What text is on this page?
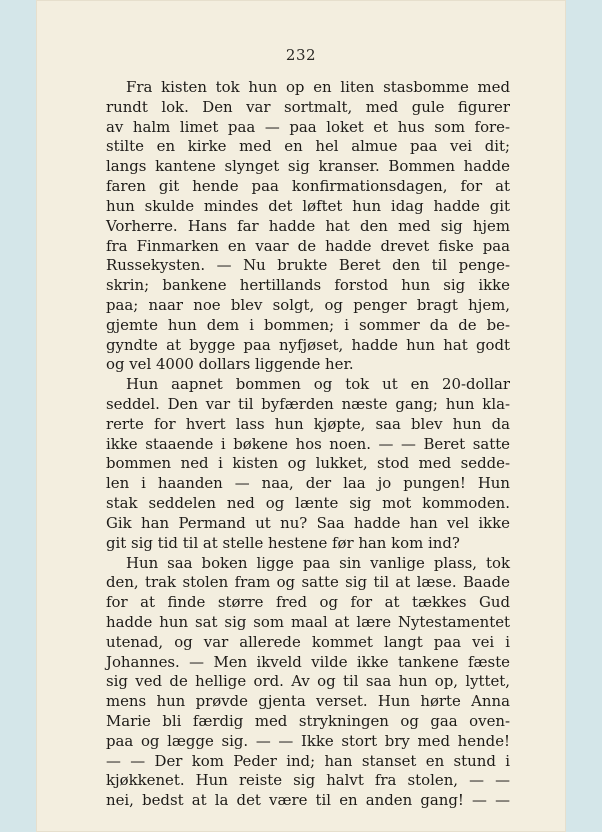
232
Fra kisten tok hun op en liten stasbomme med
rundt lok. Den var sortmalt, med gule figurer
av halm limet paa — paa loket et hus som fore-
stilte en kirke med en hel almue paa vei dit;
langs kantene slynget sig kranser. Bommen hadde
faren git hende paa konfirmationsdagen, for at
hun skulde mindes det løftet hun idag hadde git
Vorherre. Hans far hadde hat den med sig hjem
fra Finmarken en vaar de hadde drevet fiske paa
Russekysten. — Nu brukte Beret den til penge-
skrin; bankene hertillands forstod hun sig ikke
paa; naar noe blev solgt, og penger bragt hjem,
gjemte hun dem i bommen; i sommer da de be-
gyndte at bygge paa nyfjøset, hadde hun hat godt
og vel 4000 dollars liggende her.
Hun aapnet bommen og tok ut en 20-dollar
seddel. Den var til byfærden næste gang; hun kla-
rerte for hvert lass hun kjøpte, saa blev hun da
ikke staaende i bøkene hos noen. — — Beret satte
bommen ned i kisten og lukket, stod med sedde-
len i haanden — naa, der laa jo pungen! Hun
stak seddelen ned og lænte sig mot kommoden.
Gik han Permand ut nu? Saa hadde han vel ikke
git sig tid til at stelle hestene før han kom ind?
Hun saa boken ligge paa sin vanlige plass, tok
den, trak stolen fram og satte sig til at læse. Baade
for at finde større fred og for at tækkes Gud
hadde hun sat sig som maal at lære Nytestamentet
utenad, og var allerede kommet langt paa vei i
Johannes. — Men ikveld vilde ikke tankene fæste
sig ved de hellige ord. Av og til saa hun op, lyttet,
mens hun prøvde gjenta verset. Hun hørte Anna
Marie bli færdig med strykningen og gaa oven-
paa og lægge sig. — — Ikke stort bry med hende!
— — Der kom Peder ind; han stanset en stund i
kjøkkenet. Hun reiste sig halvt fra stolen, — —
nei, bedst at la det være til en anden gang! — —
